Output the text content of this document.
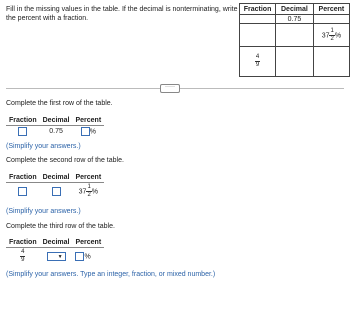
Fill in the missing values in the table. If the decimal is nonterminating, write the percent with a fraction.
Fraction	Decimal	Percent
	0.75	
		$37 \frac{1}{2}$ %

$\frac{4}{9}$

·····
Complete the first row of the table.
Fraction	Decimal	Percent
	0.75	%
(Simplify your answers.)
Complete the second row of the table.
Fraction	Decimal	Percent
		$37 \frac{1}{2}$ %
(Simplify your answers.)
Complete the third row of the table.
Fraction	Decimal	Percent

$\frac{4}{9}$	▼	%
(Simplify your answers. Type an integer, fraction, or mixed number.)
